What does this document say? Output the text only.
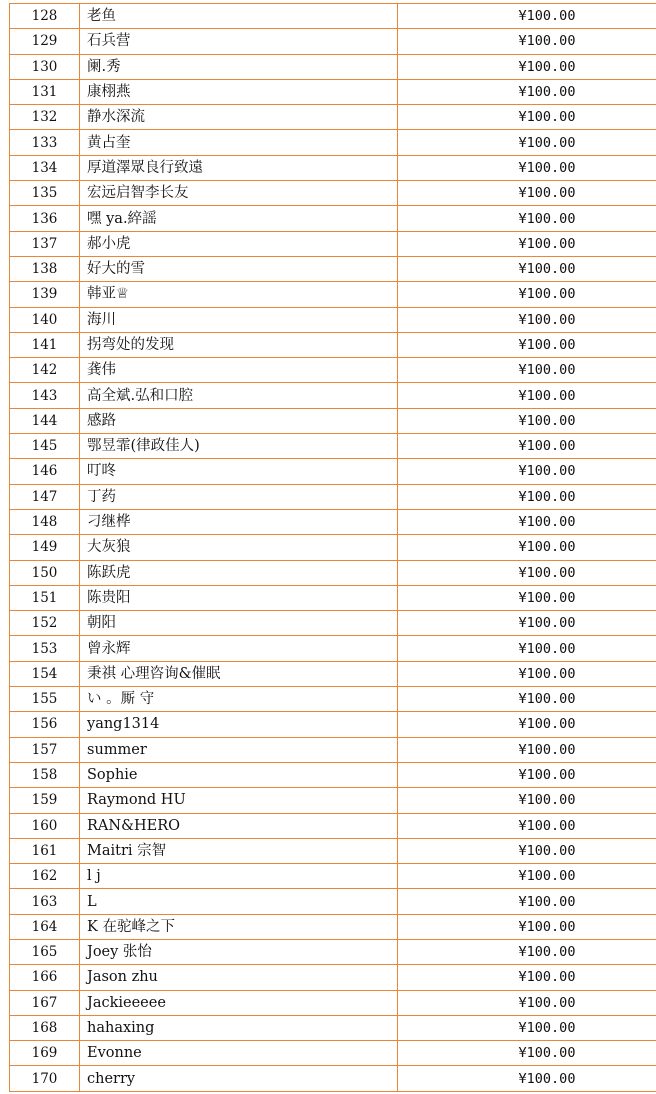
128	老鱼	¥100.00
129	石兵营	¥100.00
130	阑.秀	¥100.00
131	康栩燕	¥100.00
132	静水深流	¥100.00
133	黄占奎	¥100.00
134	厚道澤眾良行致遠	¥100.00
135	宏远启智李长友	¥100.00
136	嘿 ya.綷謡	¥100.00
137	郝小虎	¥100.00
138	好大的雪	¥100.00
139	韩亚♕	¥100.00
140	海川	¥100.00
141	拐弯处的发现	¥100.00
142	龚伟	¥100.00
143	高全斌.弘和口腔	¥100.00
144	感路	¥100.00
145	鄂昱霏(律政佳人)	¥100.00
146	叮咚	¥100.00
147	丁药	¥100.00
148	刁继桦	¥100.00
149	大灰狼	¥100.00
150	陈跃虎	¥100.00
151	陈贵阳	¥100.00
152	朝阳	¥100.00
153	曾永辉	¥100.00
154	秉祺 心理咨询&催眠	¥100.00
155	い 。厮 守	¥100.00
156	yang1314	¥100.00
157	summer	¥100.00
158	Sophie	¥100.00
159	Raymond HU	¥100.00
160	RAN&HERO	¥100.00
161	Maitri 宗智	¥100.00
162	l j	¥100.00
163	L	¥100.00
164	K 在驼峰之下	¥100.00
165	Joey 张怡	¥100.00
166	Jason zhu	¥100.00
167	Jackieeeee	¥100.00
168	hahaxing	¥100.00
169	Evonne	¥100.00
170	cherry	¥100.00
